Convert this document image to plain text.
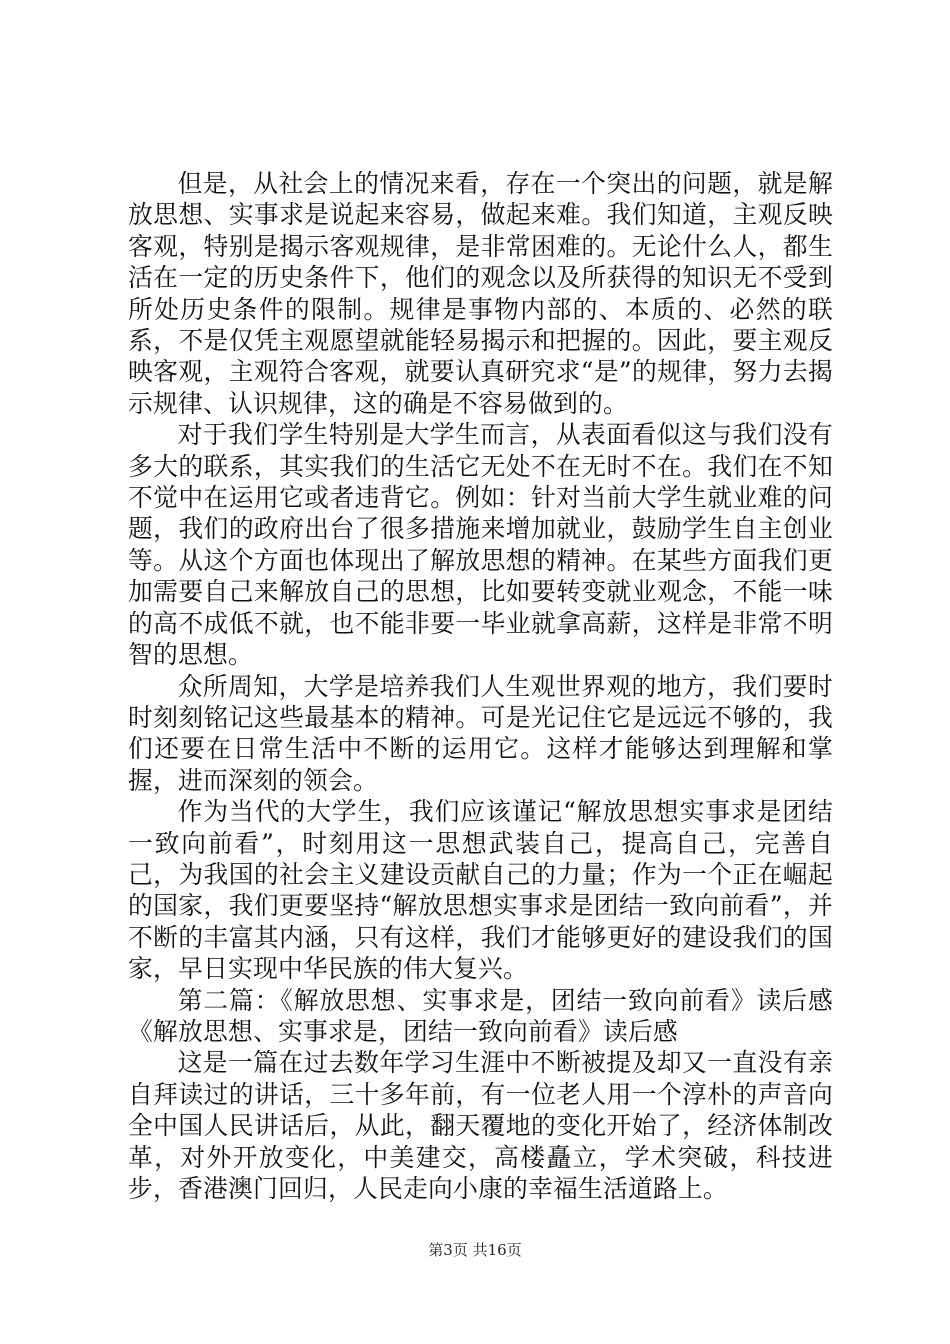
但是，从社会上的情况来看，存在一个突出的问题，就是解放思想、实事求是说起来容易，做起来难。我们知道，主观反映客观，特别是揭示客观规律，是非常困难的。无论什么人，都生活在一定的历史条件下，他们的观念以及所获得的知识无不受到所处历史条件的限制。规律是事物内部的、本质的、必然的联系，不是仅凭主观愿望就能轻易揭示和把握的。因此，要主观反映客观，主观符合客观，就要认真研究求“是”的规律，努力去揭示规律、认识规律，这的确是不容易做到的。

对于我们学生特别是大学生而言，从表面看似这与我们没有多大的联系，其实我们的生活它无处不在无时不在。我们在不知不觉中在运用它或者违背它。例如：针对当前大学生就业难的问题，我们的政府出台了很多措施来增加就业，鼓励学生自主创业等。从这个方面也体现出了解放思想的精神。在某些方面我们更加需要自己来解放自己的思想，比如要转变就业观念，不能一味的高不成低不就，也不能非要一毕业就拿高薪，这样是非常不明智的思想。

众所周知，大学是培养我们人生观世界观的地方，我们要时时刻刻铭记这些最基本的精神。可是光记住它是远远不够的，我们还要在日常生活中不断的运用它。这样才能够达到理解和掌握，进而深刻的领会。

作为当代的大学生，我们应该谨记“解放思想实事求是团结一致向前看”，时刻用这一思想武装自己，提高自己，完善自己，为我国的社会主义建设贡献自己的力量；作为一个正在崛起的国家，我们更要坚持“解放思想实事求是团结一致向前看”，并不断的丰富其内涵，只有这样，我们才能够更好的建设我们的国家，早日实现中华民族的伟大复兴。

第二篇：《解放思想、实事求是，团结一致向前看》读后感《解放思想、实事求是，团结一致向前看》读后感

这是一篇在过去数年学习生涯中不断被提及却又一直没有亲自拜读过的讲话，三十多年前，有一位老人用一个淳朴的声音向全中国人民讲话后，从此，翻天覆地的变化开始了，经济体制改革，对外开放变化，中美建交，高楼矗立，学术突破，科技进步，香港澳门回归，人民走向小康的幸福生活道路上。

第3页 共16页
